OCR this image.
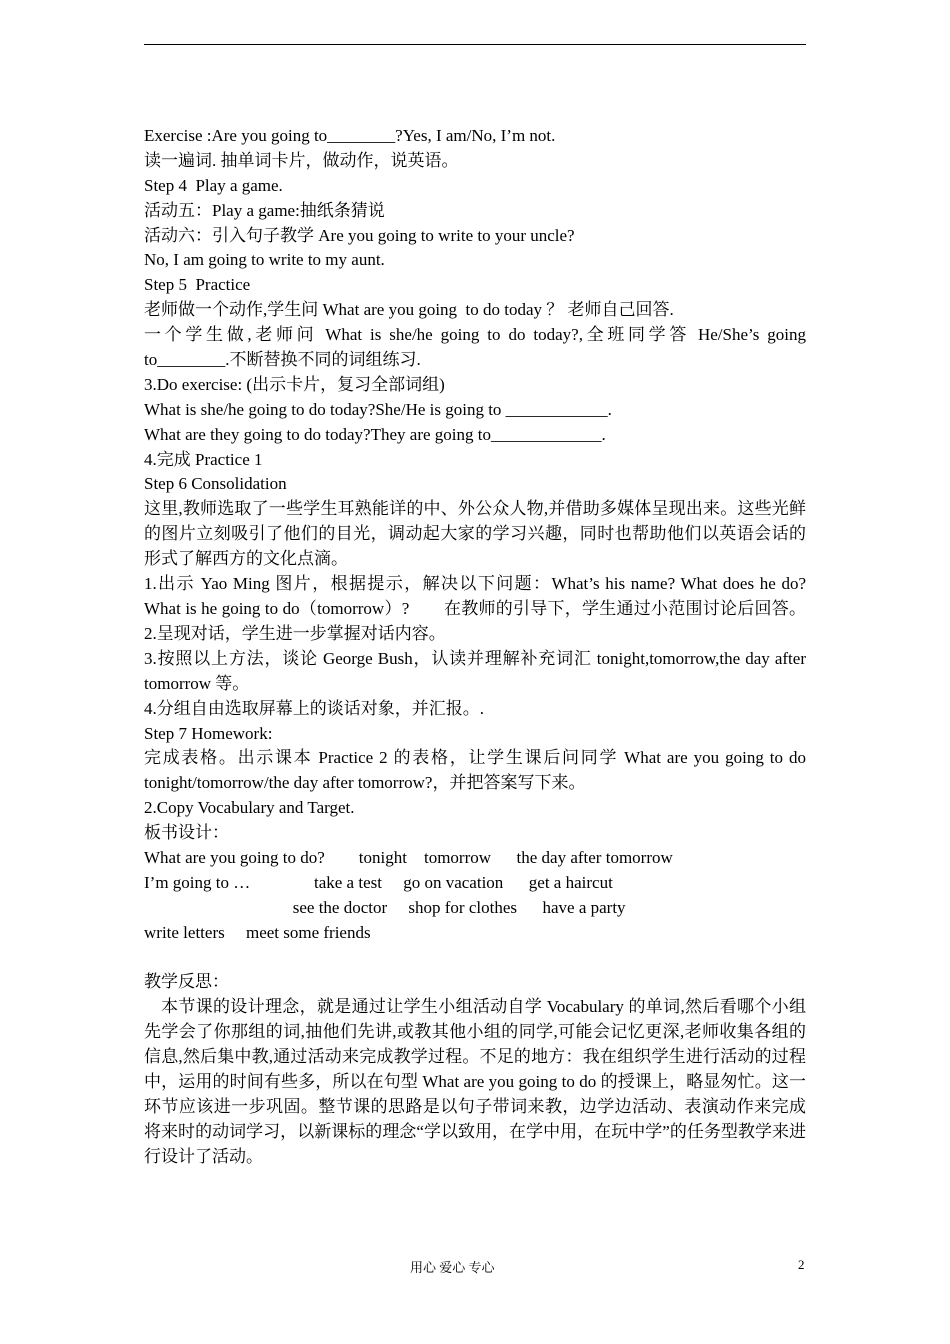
Exercise :Are you going to________?Yes, I am/No, I’m not.
读一遍词. 抽单词卡片，做动作，说英语。
Step 4  Play a game.
活动五：Play a game:抽纸条猜说
活动六：引入句子教学 Are you going to write to your uncle?
No, I am going to write to my aunt.
Step 5  Practice
老师做一个动作,学生问 What are you going  to do today ？ 老师自己回答.
一个学生做,老师问 What is she/he going to do today?,全班同学答 He/She’s going
to________.不断替换不同的词组练习.
3.Do exercise: (出示卡片，复习全部词组)
What is she/he going to do today?She/He is going to ____________.
What are they going to do today?They are going to_____________.
4.完成 Practice 1
Step 6 Consolidation
这里,教师选取了一些学生耳熟能详的中、外公众人物,并借助多媒体呈现出来。这些光鲜的图片立刻吸引了他们的目光，调动起大家的学习兴趣，同时也帮助他们以英语会话的形式了解西方的文化点滴。
1.出示 Yao Ming 图片，根据提示，解决以下问题：What’s his name? What does he do? What is he going to do（tomorrow）?　　在教师的引导下，学生通过小范围讨论后回答。 2.呈现对话，学生进一步掌握对话内容。
3.按照以上方法，谈论 George Bush，认读并理解补充词汇 tonight,tomorrow,the day after tomorrow 等。
4.分组自由选取屏幕上的谈话对象，并汇报。.
Step 7 Homework:
完成表格。出示课本 Practice 2 的表格，让学生课后问同学 What are you going to do tonight/tomorrow/the day after tomorrow?，并把答案写下来。
2.Copy Vocabulary and Target.
板书设计：
What are you going to do?        tonight    tomorrow      the day after tomorrow
I’m going to …               take a test     go on vacation      get a haircut
see the doctor     shop for clothes      have a party
write letters     meet some friends
教学反思：
本节课的设计理念，就是通过让学生小组活动自学 Vocabulary 的单词,然后看哪个小组先学会了你那组的词,抽他们先讲,或教其他小组的同学,可能会记忆更深,老师收集各组的信息,然后集中教,通过活动来完成教学过程。不足的地方：我在组织学生进行活动的过程中，运用的时间有些多，所以在句型 What are you going to do 的授课上，略显匆忙。这一环节应该进一步巩固。整节课的思路是以句子带词来教，边学边活动、表演动作来完成将来时的动词学习，以新课标的理念“学以致用，在学中用，在玩中学”的任务型教学来进行设计了活动。
用心 爱心 专心	2
